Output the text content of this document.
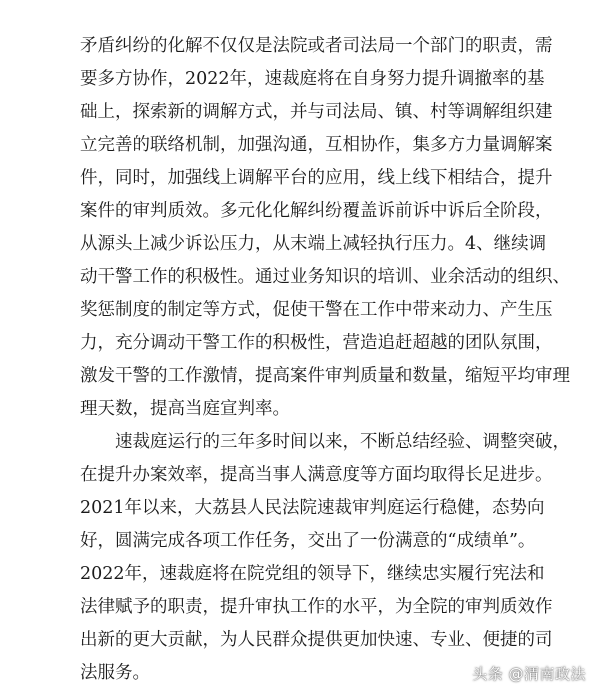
矛盾纠纷的化解不仅仅是法院或者司法局一个部门的职责，需
要多方协作，2022年，速裁庭将在自身努力提升调撤率的基
础上，探索新的调解方式，并与司法局、镇、村等调解组织建
立完善的联络机制，加强沟通，互相协作，集多方力量调解案
件，同时，加强线上调解平台的应用，线上线下相结合，提升
案件的审判质效。多元化化解纠纷覆盖诉前诉中诉后全阶段，
从源头上减少诉讼压力，从末端上减轻执行压力。4、继续调
动干警工作的积极性。通过业务知识的培训、业余活动的组织、
奖惩制度的制定等方式，促使干警在工作中带来动力、产生压
力，充分调动干警工作的积极性，营造追赶超越的团队氛围，
激发干警的工作激情，提高案件审判质量和数量，缩短平均审理
理天数，提高当庭宣判率。
速裁庭运行的三年多时间以来，不断总结经验、调整突破，
在提升办案效率，提高当事人满意度等方面均取得长足进步。
2021年以来，大荔县人民法院速裁审判庭运行稳健，态势向
好，圆满完成各项工作任务，交出了一份满意的“成绩单”。
2022年，速裁庭将在院党组的领导下，继续忠实履行宪法和
法律赋予的职责，提升审执工作的水平，为全院的审判质效作
出新的更大贡献，为人民群众提供更加快速、专业、便捷的司
法服务。	头条 @渭南政法
